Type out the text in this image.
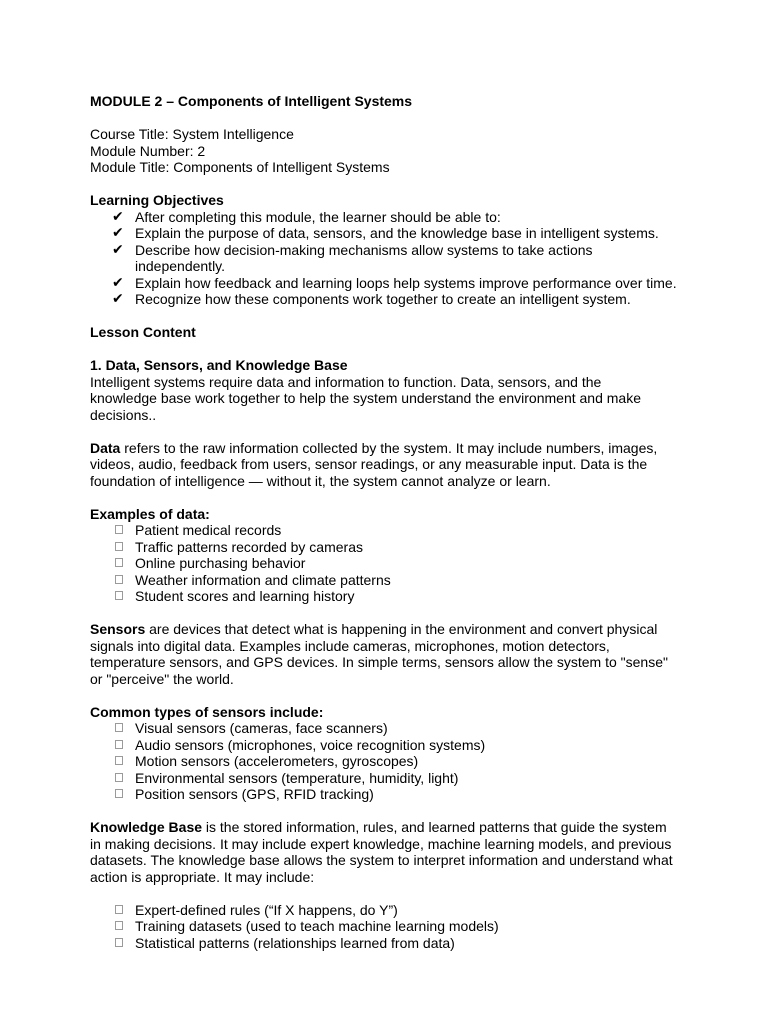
MODULE 2 – Components of Intelligent Systems

Course Title: System Intelligence

Module Number: 2

Module Title: Components of Intelligent Systems

Learning Objectives

✔ After completing this module, the learner should be able to:
✔ Explain the purpose of data, sensors, and the knowledge base in intelligent systems.
✔ Describe how decision-making mechanisms allow systems to take actions independently.
✔ Explain how feedback and learning loops help systems improve performance over time.
✔ Recognize how these components work together to create an intelligent system.

Lesson Content

1. Data, Sensors, and Knowledge Base

Intelligent systems require data and information to function. Data, sensors, and the knowledge base work together to help the system understand the environment and make decisions..

Data refers to the raw information collected by the system. It may include numbers, images, videos, audio, feedback from users, sensor readings, or any measurable input. Data is the foundation of intelligence — without it, the system cannot analyze or learn.

Examples of data:

Patient medical records
Traffic patterns recorded by cameras
Online purchasing behavior
Weather information and climate patterns
Student scores and learning history

Sensors are devices that detect what is happening in the environment and convert physical signals into digital data. Examples include cameras, microphones, motion detectors, temperature sensors, and GPS devices. In simple terms, sensors allow the system to "sense" or "perceive" the world.

Common types of sensors include:

Visual sensors (cameras, face scanners)
Audio sensors (microphones, voice recognition systems)
Motion sensors (accelerometers, gyroscopes)
Environmental sensors (temperature, humidity, light)
Position sensors (GPS, RFID tracking)

Knowledge Base is the stored information, rules, and learned patterns that guide the system in making decisions. It may include expert knowledge, machine learning models, and previous datasets. The knowledge base allows the system to interpret information and understand what action is appropriate. It may include:

Expert-defined rules (“If X happens, do Y”)
Training datasets (used to teach machine learning models)
Statistical patterns (relationships learned from data)
